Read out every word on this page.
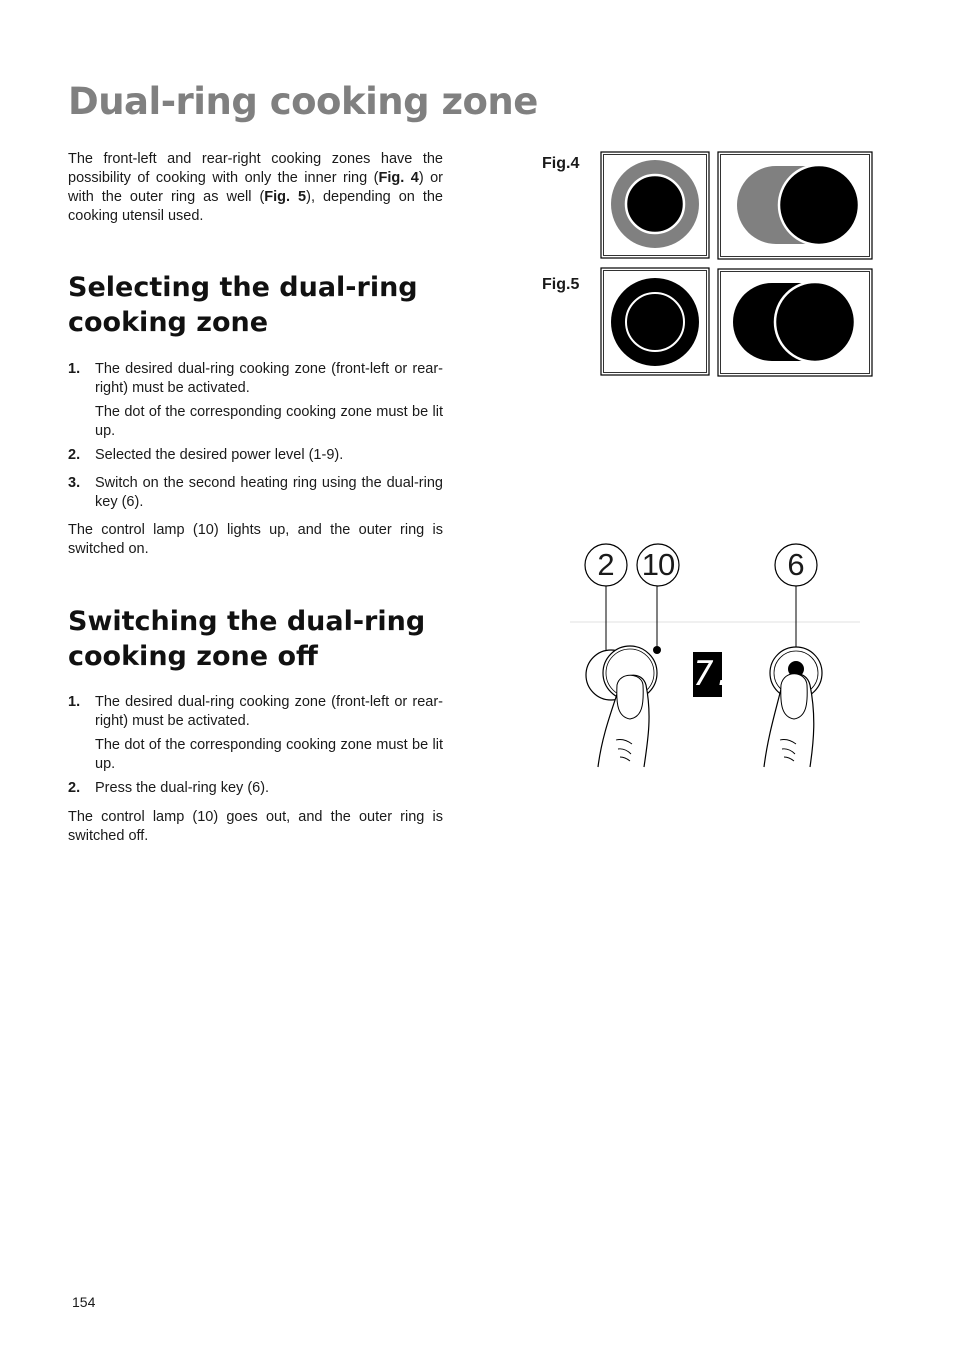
Dual-ring cooking zone

The front-left and rear-right cooking zones have the possibility of cooking with only the inner ring (Fig. 4) or with the outer ring as well (Fig. 5), depending on the cooking utensil used.

Selecting the dual-ring cooking zone
1. The desired dual-ring cooking zone (front-left or rear-right) must be activated.

The dot of the corresponding cooking zone must be lit up.

2. Selected the desired power level (1-9).

3. Switch on the second heating ring using the dual-ring key (6).

The control lamp (10) lights up, and the outer ring is switched on.

Switching the dual-ring cooking zone off
1. The desired dual-ring cooking zone (front-left or rear-right) must be activated.

The dot of the corresponding cooking zone must be lit up.

2. Press the dual-ring key (6).

The control lamp (10) goes out, and the outer ring is switched off.

Fig.4

Fig.5

2 10	6
7.

154
